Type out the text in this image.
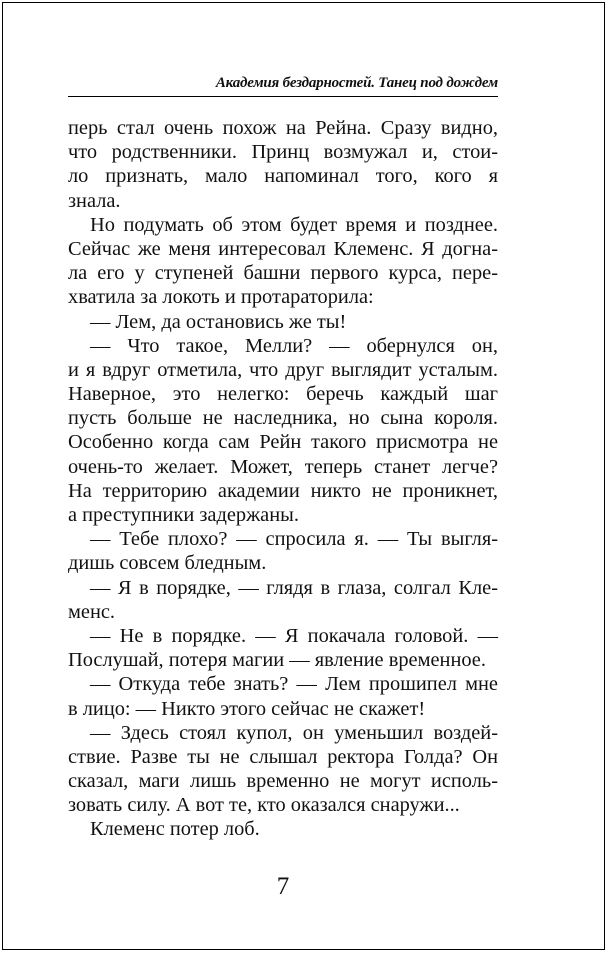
Академия бездарностей. Танец под дождем
перь стал очень похож на Рейна. Сразу видно,
что родственники. Принц возмужал и, стои-
ло признать, мало напоминал того, кого я
знала.
Но подумать об этом будет время и позднее.
Сейчас же меня интересовал Клеменс. Я догна-
ла его у ступеней башни первого курса, пере-
хватила за локоть и протараторила:
— Лем, да остановись же ты!
— Что такое, Мелли? — обернулся он,
и я вдруг отметила, что друг выглядит усталым.
Наверное, это нелегко: беречь каждый шаг
пусть больше не наследника, но сына короля.
Особенно когда сам Рейн такого присмотра не
очень-то желает. Может, теперь станет легче?
На территорию академии никто не проникнет,
а преступники задержаны.
— Тебе плохо? — спросила я. — Ты выгля-
дишь совсем бледным.
— Я в порядке, — глядя в глаза, солгал Кле-
менс.
— Не в порядке. — Я покачала головой. —
Послушай, потеря магии — явление временное.
— Откуда тебе знать? — Лем прошипел мне
в лицо: — Никто этого сейчас не скажет!
— Здесь стоял купол, он уменьшил воздей-
ствие. Разве ты не слышал ректора Голда? Он
сказал, маги лишь временно не могут исполь-
зовать силу. А вот те, кто оказался снаружи...
Клеменс потер лоб.
7
